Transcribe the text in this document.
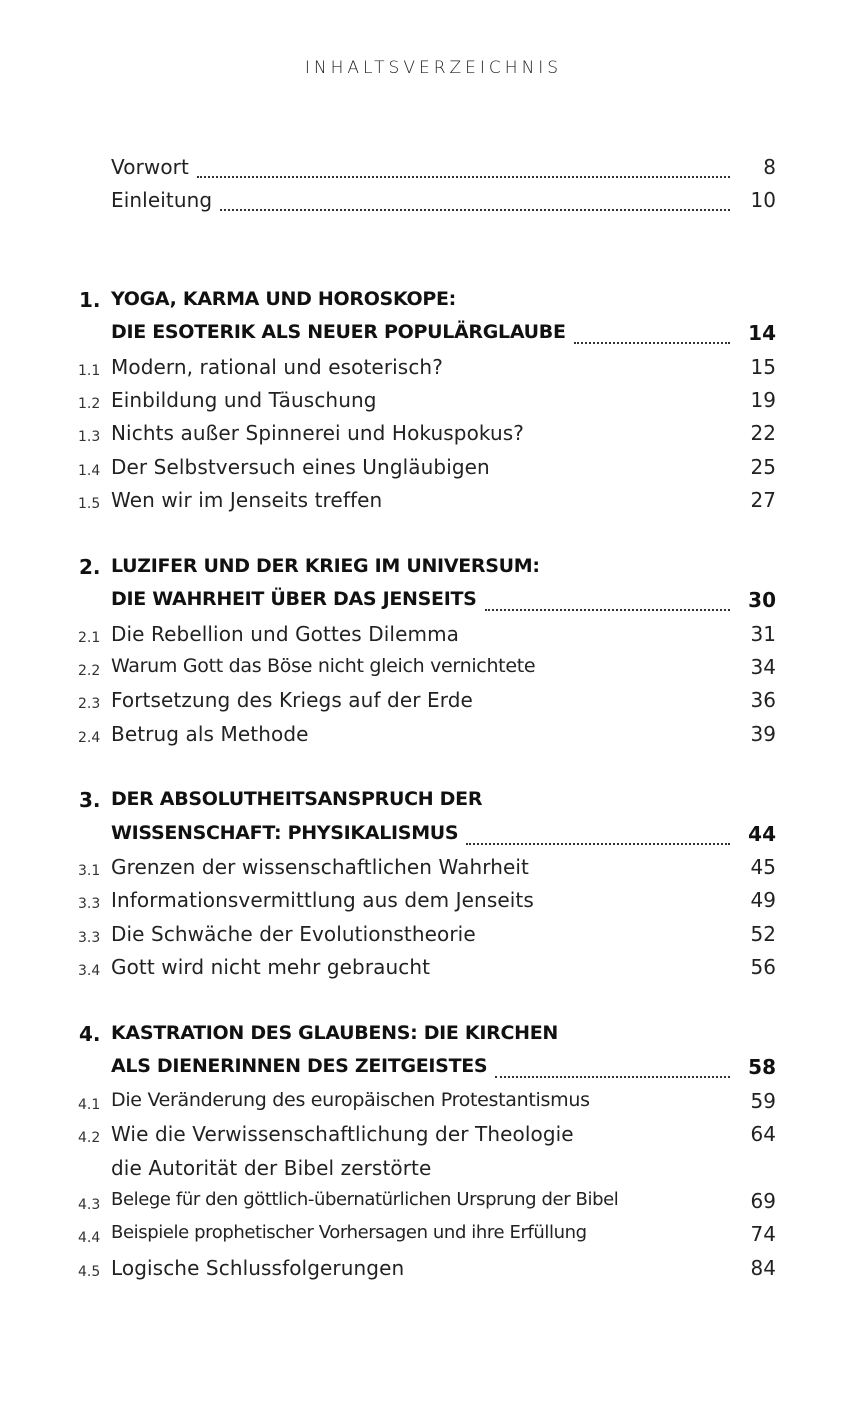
INHALTSVERZEICHNIS
Vorwort	8
Einleitung	10
1. YOGA, KARMA UND HOROSKOPE:
DIE ESOTERIK ALS NEUER POPULÄRGLAUBE	14
1.1 Modern, rational und esoterisch?	15
1.2 Einbildung und Täuschung	19
1.3 Nichts außer Spinnerei und Hokuspokus?	22
1.4 Der Selbstversuch eines Ungläubigen	25
1.5 Wen wir im Jenseits treffen	27
2. LUZIFER UND DER KRIEG IM UNIVERSUM:
DIE WAHRHEIT ÜBER DAS JENSEITS	30
2.1 Die Rebellion und Gottes Dilemma	31
2.2 Warum Gott das Böse nicht gleich vernichtete	34
2.3 Fortsetzung des Kriegs auf der Erde	36
2.4 Betrug als Methode	39
3. DER ABSOLUTHEITSANSPRUCH DER
WISSENSCHAFT: PHYSIKALISMUS	44
3.1 Grenzen der wissenschaftlichen Wahrheit	45
3.3 Informationsvermittlung aus dem Jenseits	49
3.3 Die Schwäche der Evolutionstheorie	52
3.4 Gott wird nicht mehr gebraucht	56
4. KASTRATION DES GLAUBENS: DIE KIRCHEN
ALS DIENERINNEN DES ZEITGEISTES	58
4.1 Die Veränderung des europäischen Protestantismus	59
4.2 Wie die Verwissenschaftlichung der Theologie	64
die Autorität der Bibel zerstörte
4.3 Belege für den göttlich-übernatürlichen Ursprung der Bibel	69
4.4 Beispiele prophetischer Vorhersagen und ihre Erfüllung	74
4.5 Logische Schlussfolgerungen	84
